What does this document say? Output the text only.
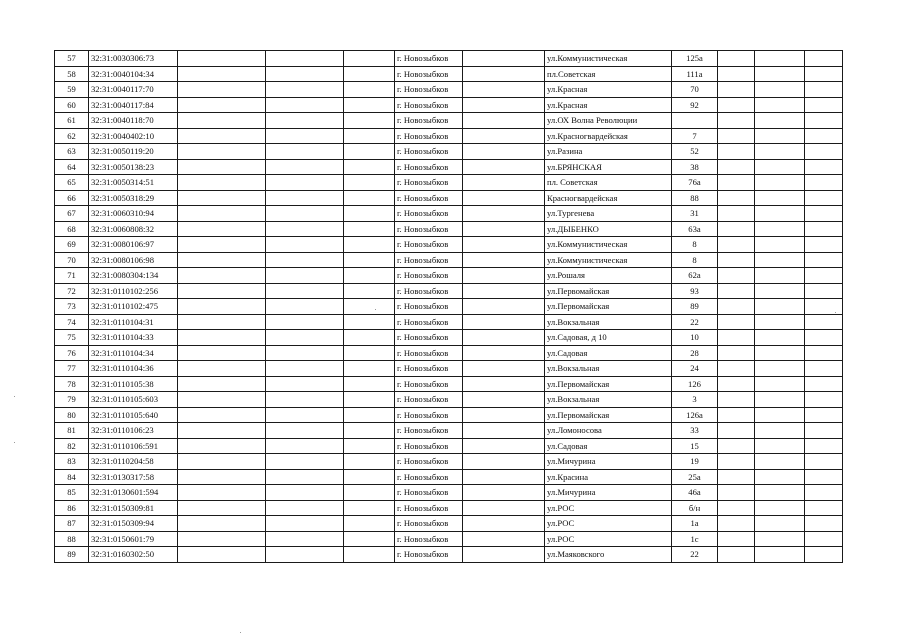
57	32:31:0030306:73				г. Новозыбков		ул.Коммунистическая	125а			
58	32:31:0040104:34				г. Новозыбков		пл.Советская	111а			
59	32:31:0040117:70				г. Новозыбков		ул.Красная	70			
60	32:31:0040117:84				г. Новозыбков		ул.Красная	92			
61	32:31:0040118:70				г. Новозыбков		ул.ОХ Волна Революции				
62	32:31:0040402:10				г. Новозыбков		ул.Красногвардейская	7			
63	32:31:0050119:20				г. Новозыбков		ул.Разина	52			
64	32:31:0050138:23				г. Новозыбков		ул.БРЯНСКАЯ	38			
65	32:31:0050314:51				г. Новозыбков		пл. Советская	76а			
66	32:31:0050318:29				г. Новозыбков		Красногвардейская	88			
67	32:31:0060310:94				г. Новозыбков		ул.Тургенева	31			
68	32:31:0060808:32				г. Новозыбков		ул.ДЫБЕНКО	63а			
69	32:31:0080106:97				г. Новозыбков		ул.Коммунистическая	8			
70	32:31:0080106:98				г. Новозыбков		ул.Коммунистическая	8			
71	32:31:0080304:134				г. Новозыбков		ул.Рошаля	62а			
72	32:31:0110102:256				г. Новозыбков		ул.Первомайская	93			
73	32:31:0110102:475				г. Новозыбков		ул.Первомайская	89			
74	32:31:0110104:31				г. Новозыбков		ул.Вокзальная	22			
75	32:31:0110104:33				г. Новозыбков		ул.Садовая, д 10	10			
76	32:31:0110104:34				г. Новозыбков		ул.Садовая	28			
77	32:31:0110104:36				г. Новозыбков		ул.Вокзальная	24			
78	32:31:0110105:38				г. Новозыбков		ул.Первомайская	126			
79	32:31:0110105:603				г. Новозыбков		ул.Вокзальная	3			
80	32:31:0110105:640				г. Новозыбков		ул.Первомайская	126а			
81	32:31:0110106:23				г. Новозыбков		ул.Ломоносова	33			
82	32:31:0110106:591				г. Новозыбков		ул.Садовая	15			
83	32:31:0110204:58				г. Новозыбков		ул.Мичурина	19			
84	32:31:0130317:58				г. Новозыбков		ул.Красина	25а			
85	32:31:0130601:594				г. Новозыбков		ул.Мичурина	46а			
86	32:31:0150309:81				г. Новозыбков		ул.РОС	б/н			
87	32:31:0150309:94				г. Новозыбков		ул.РОС	1а			
88	32:31:0150601:79				г. Новозыбков		ул.РОС	1с			
89	32:31:0160302:50				г. Новозыбков		ул.Маяковского	22			
